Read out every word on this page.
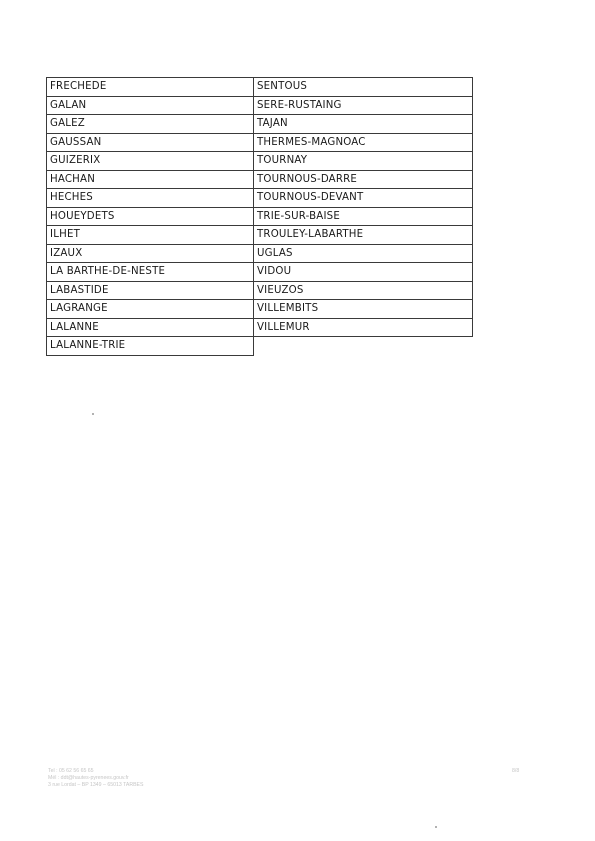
FRECHEDE
GALAN
GALEZ
GAUSSAN
GUIZERIX
HACHAN
HECHES
HOUEYDETS
ILHET
IZAUX
LA BARTHE-DE-NESTE
LABASTIDE
LAGRANGE
LALANNE
LALANNE-TRIE
SENTOUS
SERE-RUSTAING
TAJAN
THERMES-MAGNOAC
TOURNAY
TOURNOUS-DARRE
TOURNOUS-DEVANT
TRIE-SUR-BAISE
TROULEY-LABARTHE
UGLAS
VIDOU
VIEUZOS
VILLEMBITS
VILLEMUR
Tel : 05 62 56 65 65
Mél : ddt@hautes-pyrenees.gouv.fr
3 rue Lordat – BP 1349 – 65013 TARBES
8/8
